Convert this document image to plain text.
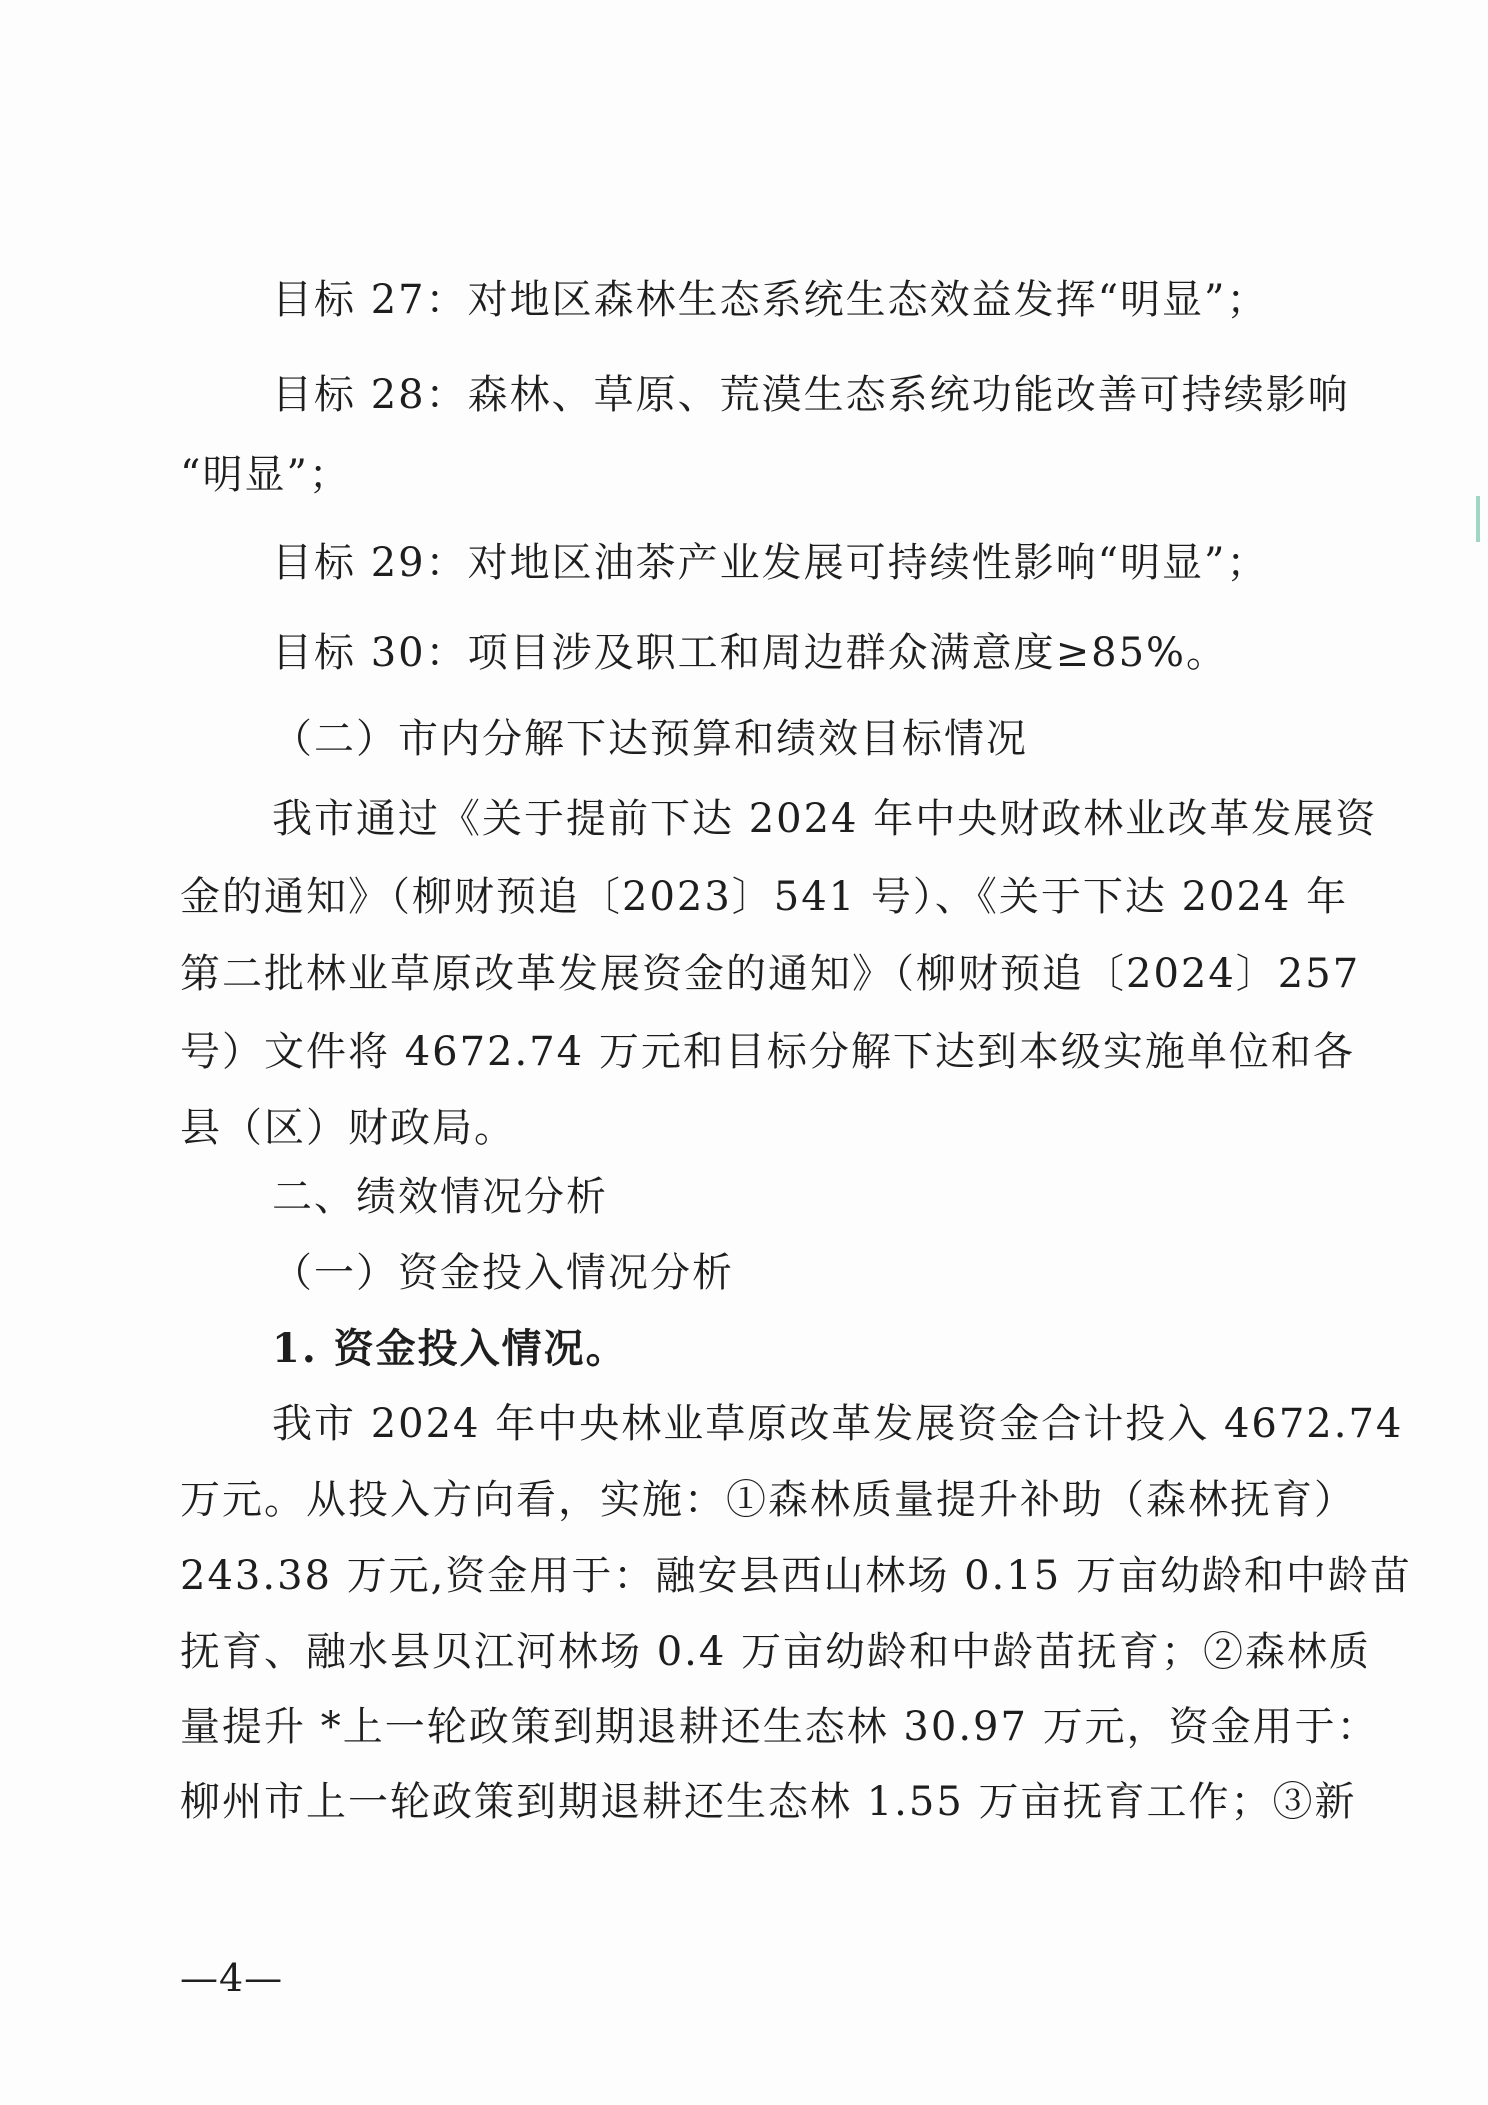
目标 27：对地区森林生态系统生态效益发挥“明显”；
目标 28：森林、草原、荒漠生态系统功能改善可持续影响
“明显”；
目标 29：对地区油茶产业发展可持续性影响“明显”；
目标 30：项目涉及职工和周边群众满意度≥85%。
（二）市内分解下达预算和绩效目标情况
我市通过《关于提前下达 2024 年中央财政林业改革发展资
金的通知》（柳财预追〔2023〕541 号）、《关于下达 2024 年
第二批林业草原改革发展资金的通知》（柳财预追〔2024〕257
号）文件将 4672.74 万元和目标分解下达到本级实施单位和各
县（区）财政局。
二、绩效情况分析
（一）资金投入情况分析
1. 资金投入情况。
我市 2024 年中央林业草原改革发展资金合计投入 4672.74
万元。从投入方向看，实施：①森林质量提升补助（森林抚育）
243.38 万元,资金用于：融安县西山林场 0.15 万亩幼龄和中龄苗
抚育、融水县贝江河林场 0.4 万亩幼龄和中龄苗抚育；②森林质
量提升 *上一轮政策到期退耕还生态林 30.97 万元，资金用于：
柳州市上一轮政策到期退耕还生态林 1.55 万亩抚育工作；③新
—4—
